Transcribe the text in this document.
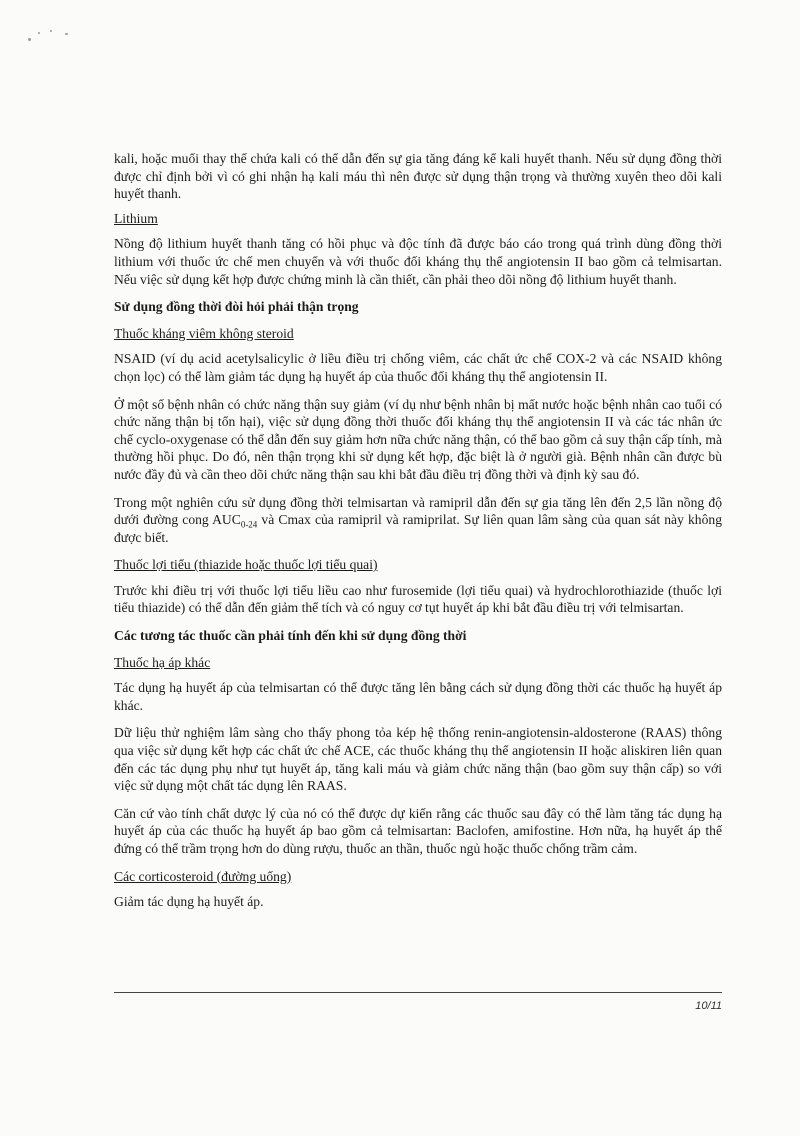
kali, hoặc muối thay thế chứa kali có thể dẫn đến sự gia tăng đáng kể kali huyết thanh. Nếu sử dụng đồng thời được chỉ định bởi vì có ghi nhận hạ kali máu thì nên được sử dụng thận trọng và thường xuyên theo dõi kali huyết thanh.

Lithium

Nồng độ lithium huyết thanh tăng có hồi phục và độc tính đã được báo cáo trong quá trình dùng đồng thời lithium với thuốc ức chế men chuyển và với thuốc đối kháng thụ thể angiotensin II bao gồm cả telmisartan. Nếu việc sử dụng kết hợp được chứng minh là cần thiết, cần phải theo dõi nồng độ lithium huyết thanh.

Sử dụng đồng thời đòi hỏi phải thận trọng
Thuốc kháng viêm không steroid

NSAID (ví dụ acid acetylsalicylic ở liều điều trị chống viêm, các chất ức chế COX-2 và các NSAID không chọn lọc) có thể làm giảm tác dụng hạ huyết áp của thuốc đối kháng thụ thể angiotensin II.

Ở một số bệnh nhân có chức năng thận suy giảm (ví dụ như bệnh nhân bị mất nước hoặc bệnh nhân cao tuổi có chức năng thận bị tổn hại), việc sử dụng đồng thời thuốc đối kháng thụ thể angiotensin II và các tác nhân ức chế cyclo-oxygenase có thể dẫn đến suy giảm hơn nữa chức năng thận, có thể bao gồm cả suy thận cấp tính, mà thường hồi phục. Do đó, nên thận trọng khi sử dụng kết hợp, đặc biệt là ở người già. Bệnh nhân cần được bù nước đầy đủ và cần theo dõi chức năng thận sau khi bắt đầu điều trị đồng thời và định kỳ sau đó.

Trong một nghiên cứu sử dụng đồng thời telmisartan và ramipril dẫn đến sự gia tăng lên đến 2,5 lần nồng độ dưới đường cong $AUC_{0-24}$ và Cmax của ramipril và ramiprilat. Sự liên quan lâm sàng của quan sát này không được biết.

Thuốc lợi tiểu (thiazide hoặc thuốc lợi tiểu quai)

Trước khi điều trị với thuốc lợi tiểu liều cao như furosemide (lợi tiểu quai) và hydrochlorothiazide (thuốc lợi tiểu thiazide) có thể dẫn đến giảm thể tích và có nguy cơ tụt huyết áp khi bắt đầu điều trị với telmisartan.

Các tương tác thuốc cần phải tính đến khi sử dụng đồng thời
Thuốc hạ áp khác

Tác dụng hạ huyết áp của telmisartan có thể được tăng lên bằng cách sử dụng đồng thời các thuốc hạ huyết áp khác.

Dữ liệu thử nghiệm lâm sàng cho thấy phong tỏa kép hệ thống renin-angiotensin-aldosterone (RAAS) thông qua việc sử dụng kết hợp các chất ức chế ACE, các thuốc kháng thụ thể angiotensin II hoặc aliskiren liên quan đến các tác dụng phụ như tụt huyết áp, tăng kali máu và giảm chức năng thận (bao gồm suy thận cấp) so với việc sử dụng một chất tác dụng lên RAAS.

Căn cứ vào tính chất dược lý của nó có thể được dự kiến rằng các thuốc sau đây có thể làm tăng tác dụng hạ huyết áp của các thuốc hạ huyết áp bao gồm cả telmisartan: Baclofen, amifostine. Hơn nữa, hạ huyết áp thế đứng có thể trầm trọng hơn do dùng rượu, thuốc an thần, thuốc ngủ hoặc thuốc chống trầm cảm.

Các corticosteroid (đường uống)

Giảm tác dụng hạ huyết áp.

10/11
